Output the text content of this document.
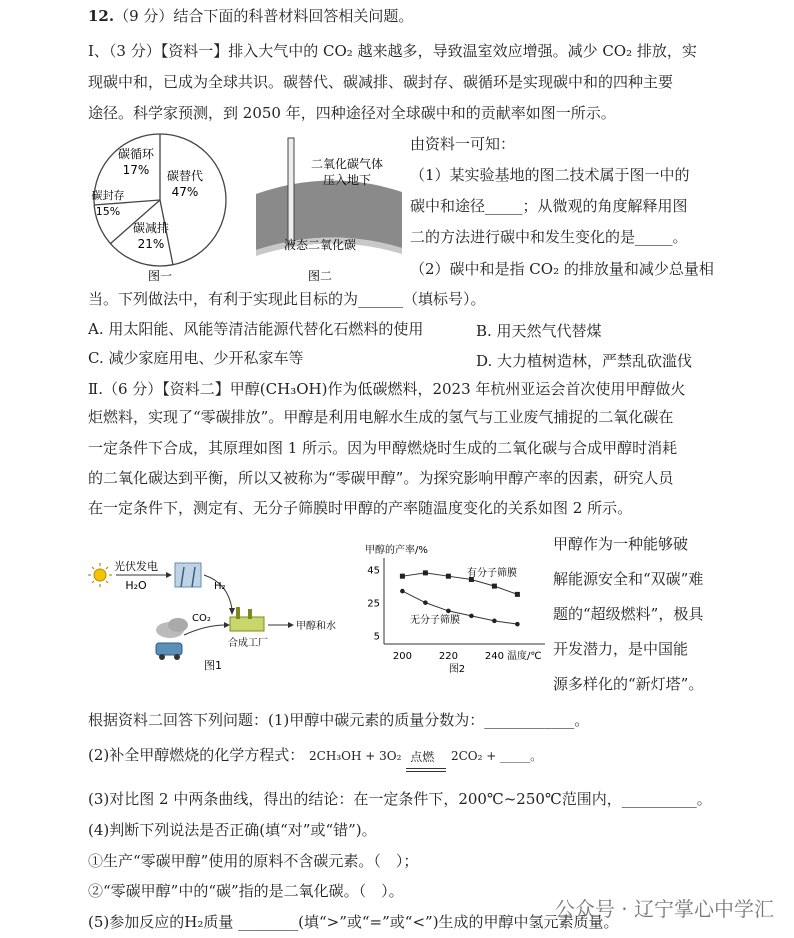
12.（9 分）结合下面的科普材料回答相关问题。
Ⅰ、（3 分）【资料一】排入大气中的 CO₂ 越来越多，导致温室效应增强。减少 CO₂ 排放，实
现碳中和，已成为全球共识。碳替代、碳减排、碳封存、碳循环是实现碳中和的四种主要
途径。科学家预测，到 2050 年，四种途径对全球碳中和的贡献率如图一所示。
碳替代
47%
碳减排
21%
碳封存
15%
碳循环
17%
图一
二氧化碳气体
压入地下
液态二氧化碳
图二
由资料一可知：
（1）某实验基地的图二技术属于图一中的
碳中和途径_____；从微观的角度解释用图
二的方法进行碳中和发生变化的是_____。
（2）碳中和是指 CO₂ 的排放量和减少总量相
当。下列做法中，有利于实现此目标的为______（填标号）。
A. 用太阳能、风能等清洁能源代替化石燃料的使用	B. 用天然气代替煤
C. 减少家庭用电、少开私家车等	D. 大力植树造林，严禁乱砍滥伐
Ⅱ.（6 分）【资料二】甲醇(CH₃OH)作为低碳燃料，2023 年杭州亚运会首次使用甲醇做火
炬燃料，实现了“零碳排放”。甲醇是利用电解水生成的氢气与工业废气捕捉的二氧化碳在
一定条件下合成，其原理如图 1 所示。因为甲醇燃烧时生成的二氧化碳与合成甲醇时消耗
的二氧化碳达到平衡，所以又被称为“零碳甲醇”。为探究影响甲醇产率的因素，研究人员
在一定条件下，测定有、无分子筛膜时甲醇的产率随温度变化的关系如图 2 所示。
光伏发电
H₂O	H₂
CO₂
合成工厂
甲醇和水
图1
甲醇的产率/%
5
25
45
200	220	240 温度/℃
图2
有分子筛膜
无分子筛膜
甲醇作为一种能够破
解能源安全和“双碳”难
题的“超级燃料”，极具
开发潜力，是中国能
源多样化的“新灯塔”。
根据资料二回答下列问题：(1)甲醇中碳元素的质量分数为：____________。
(2)补全甲醇燃烧的化学方程式： 2CH₃OH + 3O₂ 点燃 2CO₂ + _____。
(3)对比图 2 中两条曲线，得出的结论：在一定条件下，200℃~250℃范围内，__________。
(4)判断下列说法是否正确(填“对”或“错”)。
①生产“零碳甲醇”使用的原料不含碳元素。（　）；
②“零碳甲醇”中的“碳”指的是二氧化碳。（　）。
(5)参加反应的H₂质量 ________(填“>”或“=”或“<”)生成的甲醇中氢元素质量。
公众号 · 辽宁掌心中学汇
